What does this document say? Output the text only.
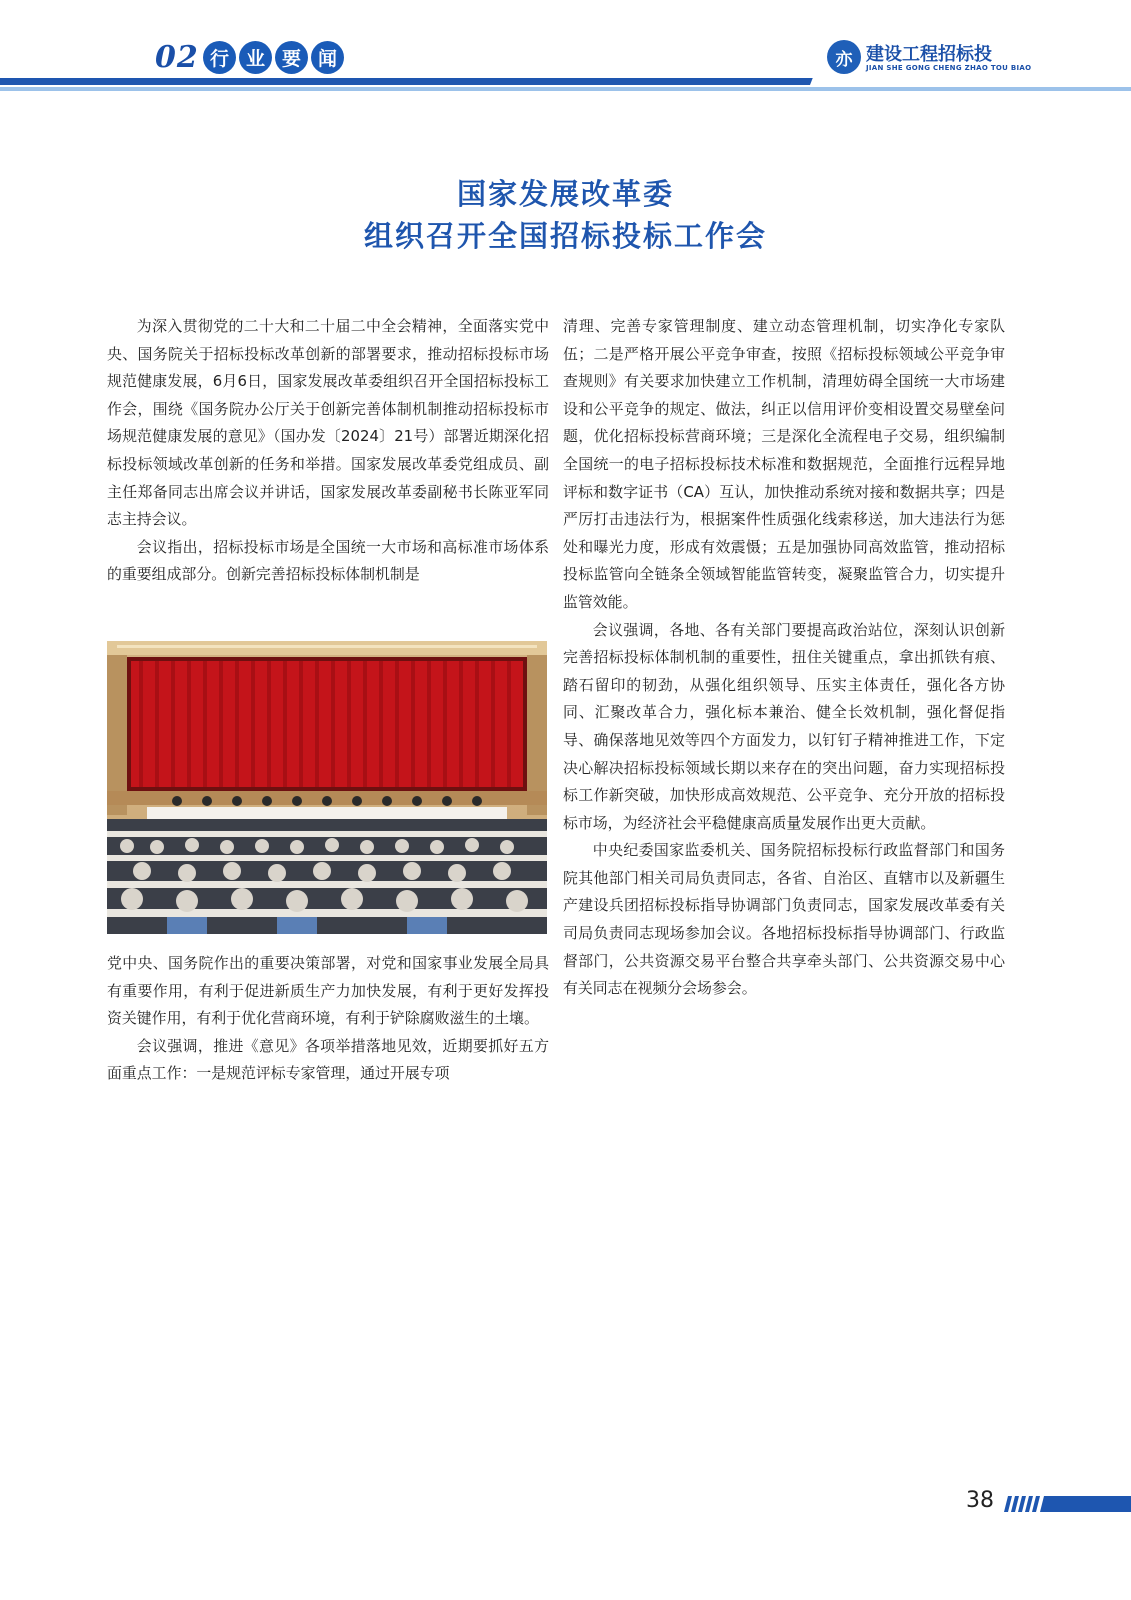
02 行 业 要 闻	亦 建设工程招标投
JIAN SHE GONG CHENG ZHAO TOU BIAO
国家发展改革委
组织召开全国招标投标工作会

为深入贯彻党的二十大和二十届二中全会精神，全面落实党中央、国务院关于招标投标改革创新的部署要求，推动招标投标市场规范健康发展，6月6日，国家发展改革委组织召开全国招标投标工作会，围绕《国务院办公厅关于创新完善体制机制推动招标投标市场规范健康发展的意见》（国办发〔2024〕21号）部署近期深化招标投标领域改革创新的任务和举措。国家发展改革委党组成员、副主任郑备同志出席会议并讲话，国家发展改革委副秘书长陈亚军同志主持会议。

会议指出，招标投标市场是全国统一大市场和高标准市场体系的重要组成部分。创新完善招标投标体制机制是

党中央、国务院作出的重要决策部署，对党和国家事业发展全局具有重要作用，有利于促进新质生产力加快发展，有利于更好发挥投资关键作用，有利于优化营商环境，有利于铲除腐败滋生的土壤。

会议强调，推进《意见》各项举措落地见效，近期要抓好五方面重点工作：一是规范评标专家管理，通过开展专项

清理、完善专家管理制度、建立动态管理机制，切实净化专家队伍；二是严格开展公平竞争审查，按照《招标投标领域公平竞争审查规则》有关要求加快建立工作机制，清理妨碍全国统一大市场建设和公平竞争的规定、做法，纠正以信用评价变相设置交易壁垒问题，优化招标投标营商环境；三是深化全流程电子交易，组织编制全国统一的电子招标投标技术标准和数据规范，全面推行远程异地评标和数字证书（CA）互认，加快推动系统对接和数据共享；四是严厉打击违法行为，根据案件性质强化线索移送，加大违法行为惩处和曝光力度，形成有效震慑；五是加强协同高效监管，推动招标投标监管向全链条全领域智能监管转变，凝聚监管合力，切实提升监管效能。

会议强调，各地、各有关部门要提高政治站位，深刻认识创新完善招标投标体制机制的重要性，扭住关键重点，拿出抓铁有痕、踏石留印的韧劲，从强化组织领导、压实主体责任，强化各方协同、汇聚改革合力，强化标本兼治、健全长效机制，强化督促指导、确保落地见效等四个方面发力，以钉钉子精神推进工作，下定决心解决招标投标领域长期以来存在的突出问题，奋力实现招标投标工作新突破，加快形成高效规范、公平竞争、充分开放的招标投标市场，为经济社会平稳健康高质量发展作出更大贡献。

中央纪委国家监委机关、国务院招标投标行政监督部门和国务院其他部门相关司局负责同志，各省、自治区、直辖市以及新疆生产建设兵团招标投标指导协调部门负责同志，国家发展改革委有关司局负责同志现场参加会议。各地招标投标指导协调部门、行政监督部门，公共资源交易平台整合共享牵头部门、公共资源交易中心有关同志在视频分会场参会。

38
